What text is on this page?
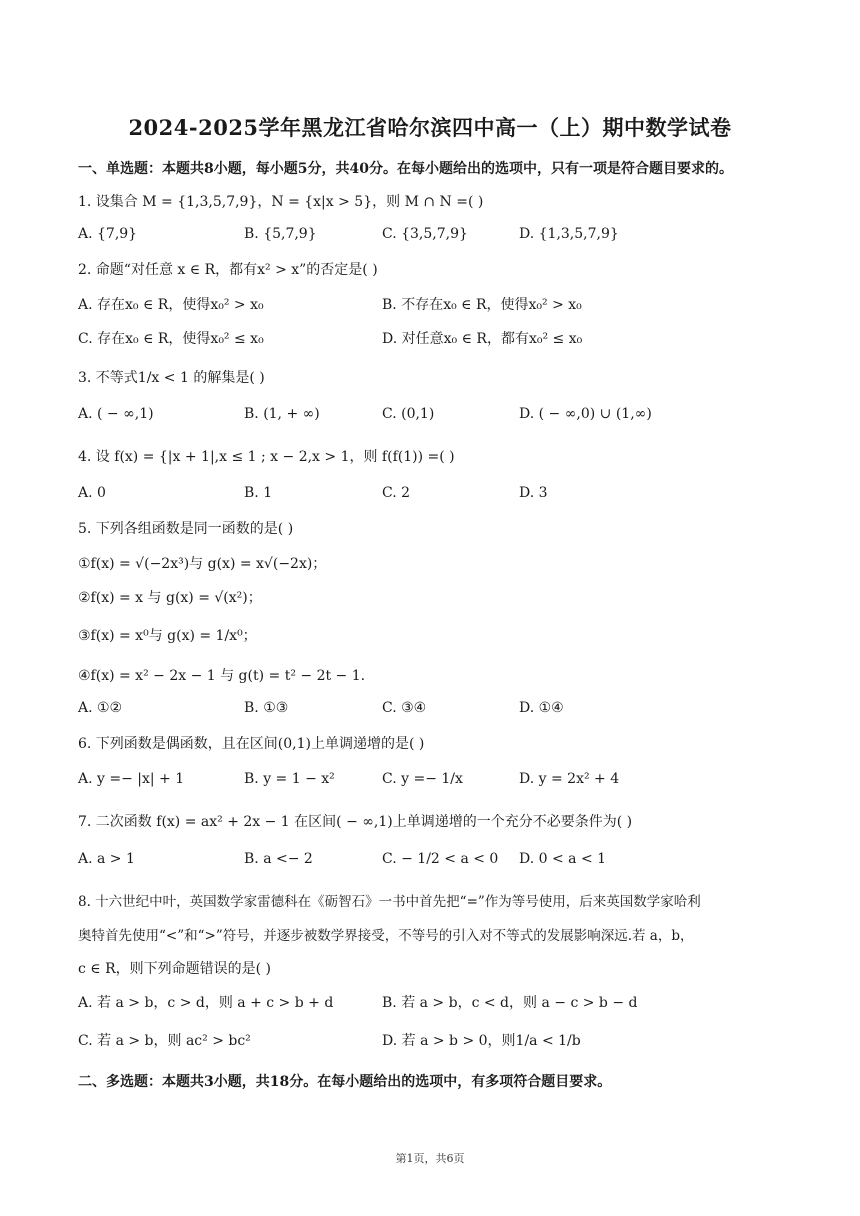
2024-2025学年黑龙江省哈尔滨四中高一（上）期中数学试卷
一、单选题：本题共8小题，每小题5分，共40分。在每小题给出的选项中，只有一项是符合题目要求的。
1. 设集合 M = {1,3,5,7,9}，N = {x|x > 5}，则 M ∩ N =( )
A. {7,9}	B. {5,7,9}	C. {3,5,7,9}	D. {1,3,5,7,9}
2. 命题“对任意 x ∈ R，都有x² > x”的否定是( )
A. 存在x₀ ∈ R，使得x₀² > x₀	B. 不存在x₀ ∈ R，使得x₀² > x₀
C. 存在x₀ ∈ R，使得x₀² ≤ x₀	D. 对任意x₀ ∈ R，都有x₀² ≤ x₀
3. 不等式1/x < 1 的解集是( )
A. ( − ∞,1)	B. (1, + ∞)	C. (0,1)	D. ( − ∞,0) ∪ (1,∞)
4. 设 f(x) = {|x + 1|,x ≤ 1 ; x − 2,x > 1，则 f(f(1)) =( )
A. 0	B. 1	C. 2	D. 3
5. 下列各组函数是同一函数的是( )
①f(x) = √(−2x³)与 g(x) = x√(−2x)；
②f(x) = x 与 g(x) = √(x²)；
③f(x) = x⁰与 g(x) = 1/x⁰；
④f(x) = x² − 2x − 1 与 g(t) = t² − 2t − 1.
A. ①②	B. ①③	C. ③④	D. ①④
6. 下列函数是偶函数，且在区间(0,1)上单调递增的是( )
A. y =− |x| + 1	B. y = 1 − x²	C. y =− 1/x	D. y = 2x² + 4
7. 二次函数 f(x) = ax² + 2x − 1 在区间( − ∞,1)上单调递增的一个充分不必要条件为( )
A. a > 1	B. a <− 2	C. − 1/2 < a < 0 D. 0 < a < 1
8. 十六世纪中叶，英国数学家雷德科在《砺智石》一书中首先把“=”作为等号使用，后来英国数学家哈利
奥特首先使用“<”和“>”符号，并逐步被数学界接受，不等号的引入对不等式的发展影响深远.若 a，b，
c ∈ R，则下列命题错误的是( )
A. 若 a > b，c > d，则 a + c > b + d	B. 若 a > b，c < d，则 a − c > b − d
C. 若 a > b，则 ac² > bc²	D. 若 a > b > 0，则1/a < 1/b
二、多选题：本题共3小题，共18分。在每小题给出的选项中，有多项符合题目要求。
第1页，共6页
